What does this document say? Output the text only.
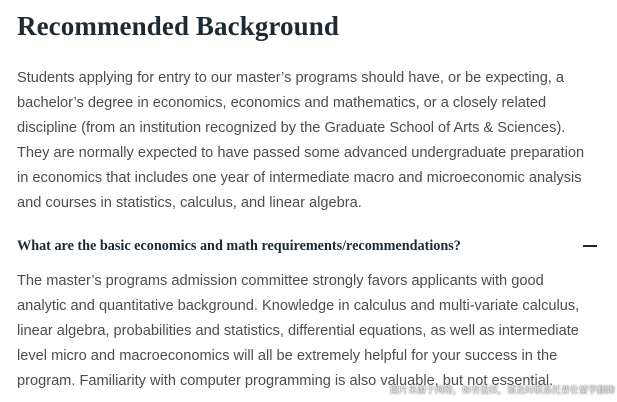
Recommended Background

Students applying for entry to our master’s programs should have, or be expecting, a
bachelor’s degree in economics, economics and mathematics, or a closely related
discipline (from an institution recognized by the Graduate School of Arts & Sciences).
They are normally expected to have passed some advanced undergraduate preparation
in economics that includes one year of intermediate macro and microeconomic analysis
and courses in statistics, calculus, and linear algebra.

What are the basic economics and math requirements/recommendations?

The master’s programs admission committee strongly favors applicants with good
analytic and quantitative background. Knowledge in calculus and multi-variate calculus,
linear algebra, probabilities and statistics, differential equations, as well as intermediate
level micro and macroeconomics will all be extremely helpful for your success in the
program. Familiarity with computer programming is also valuable, but not essential.

图片来源于网络，如有侵权，请及时联系托普仕留学删除
